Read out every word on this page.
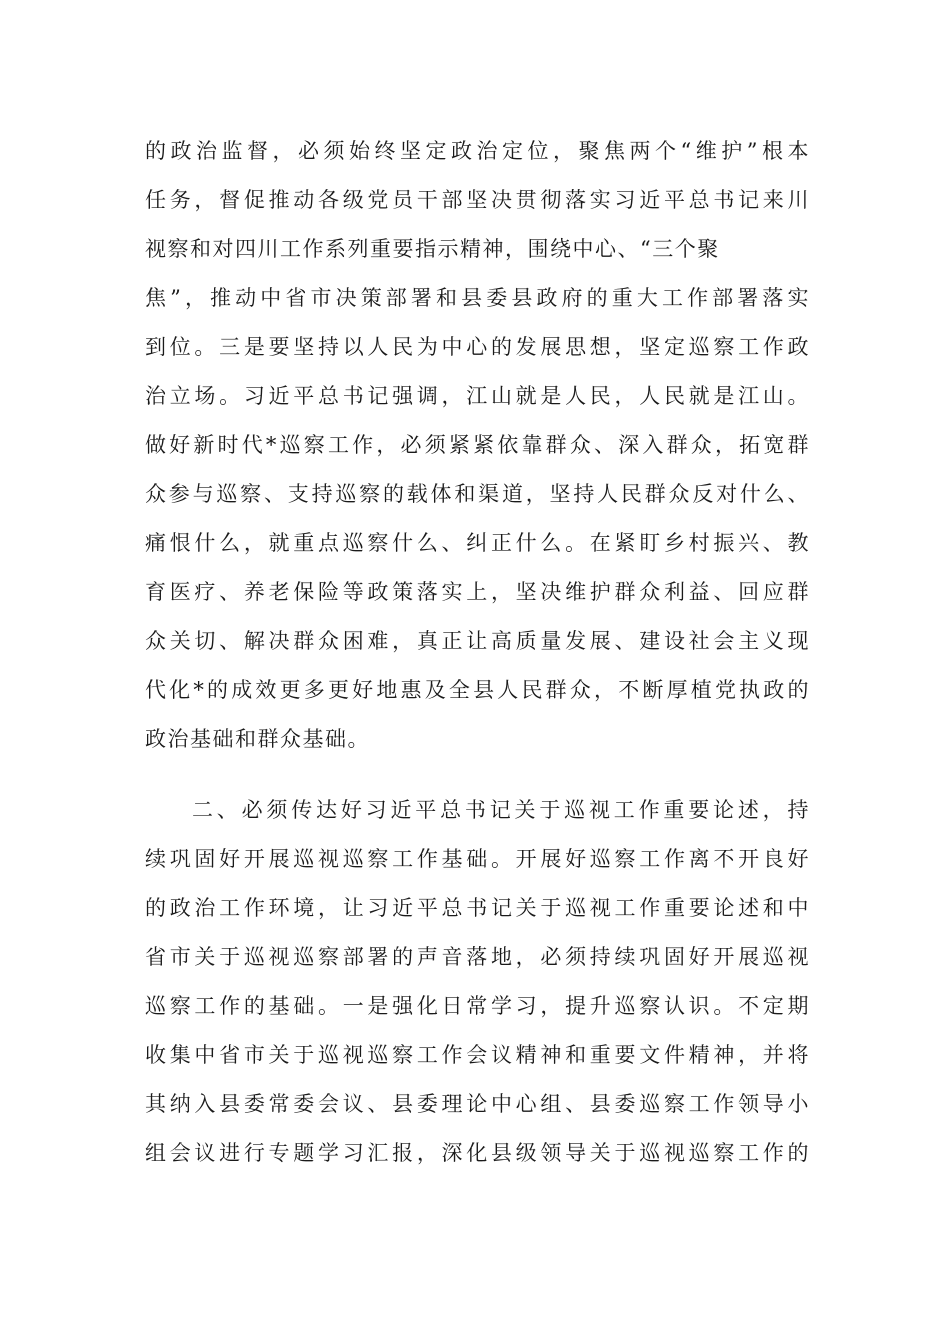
的政治监督，必须始终坚定政治定位，聚焦两个“维护”根本
任务，督促推动各级党员干部坚决贯彻落实习近平总书记来川
视察和对四川工作系列重要指示精神，围绕中心、“三个聚
焦”，推动中省市决策部署和县委县政府的重大工作部署落实
到位。三是要坚持以人民为中心的发展思想，坚定巡察工作政
治立场。习近平总书记强调，江山就是人民，人民就是江山。
做好新时代*巡察工作，必须紧紧依靠群众、深入群众，拓宽群
众参与巡察、支持巡察的载体和渠道，坚持人民群众反对什么、
痛恨什么，就重点巡察什么、纠正什么。在紧盯乡村振兴、教
育医疗、养老保险等政策落实上，坚决维护群众利益、回应群
众关切、解决群众困难，真正让高质量发展、建设社会主义现
代化*的成效更多更好地惠及全县人民群众，不断厚植党执政的
政治基础和群众基础。
二、必须传达好习近平总书记关于巡视工作重要论述，持
续巩固好开展巡视巡察工作基础。开展好巡察工作离不开良好
的政治工作环境，让习近平总书记关于巡视工作重要论述和中
省市关于巡视巡察部署的声音落地，必须持续巩固好开展巡视
巡察工作的基础。一是强化日常学习，提升巡察认识。不定期
收集中省市关于巡视巡察工作会议精神和重要文件精神，并将
其纳入县委常委会议、县委理论中心组、县委巡察工作领导小
组会议进行专题学习汇报，深化县级领导关于巡视巡察工作的
